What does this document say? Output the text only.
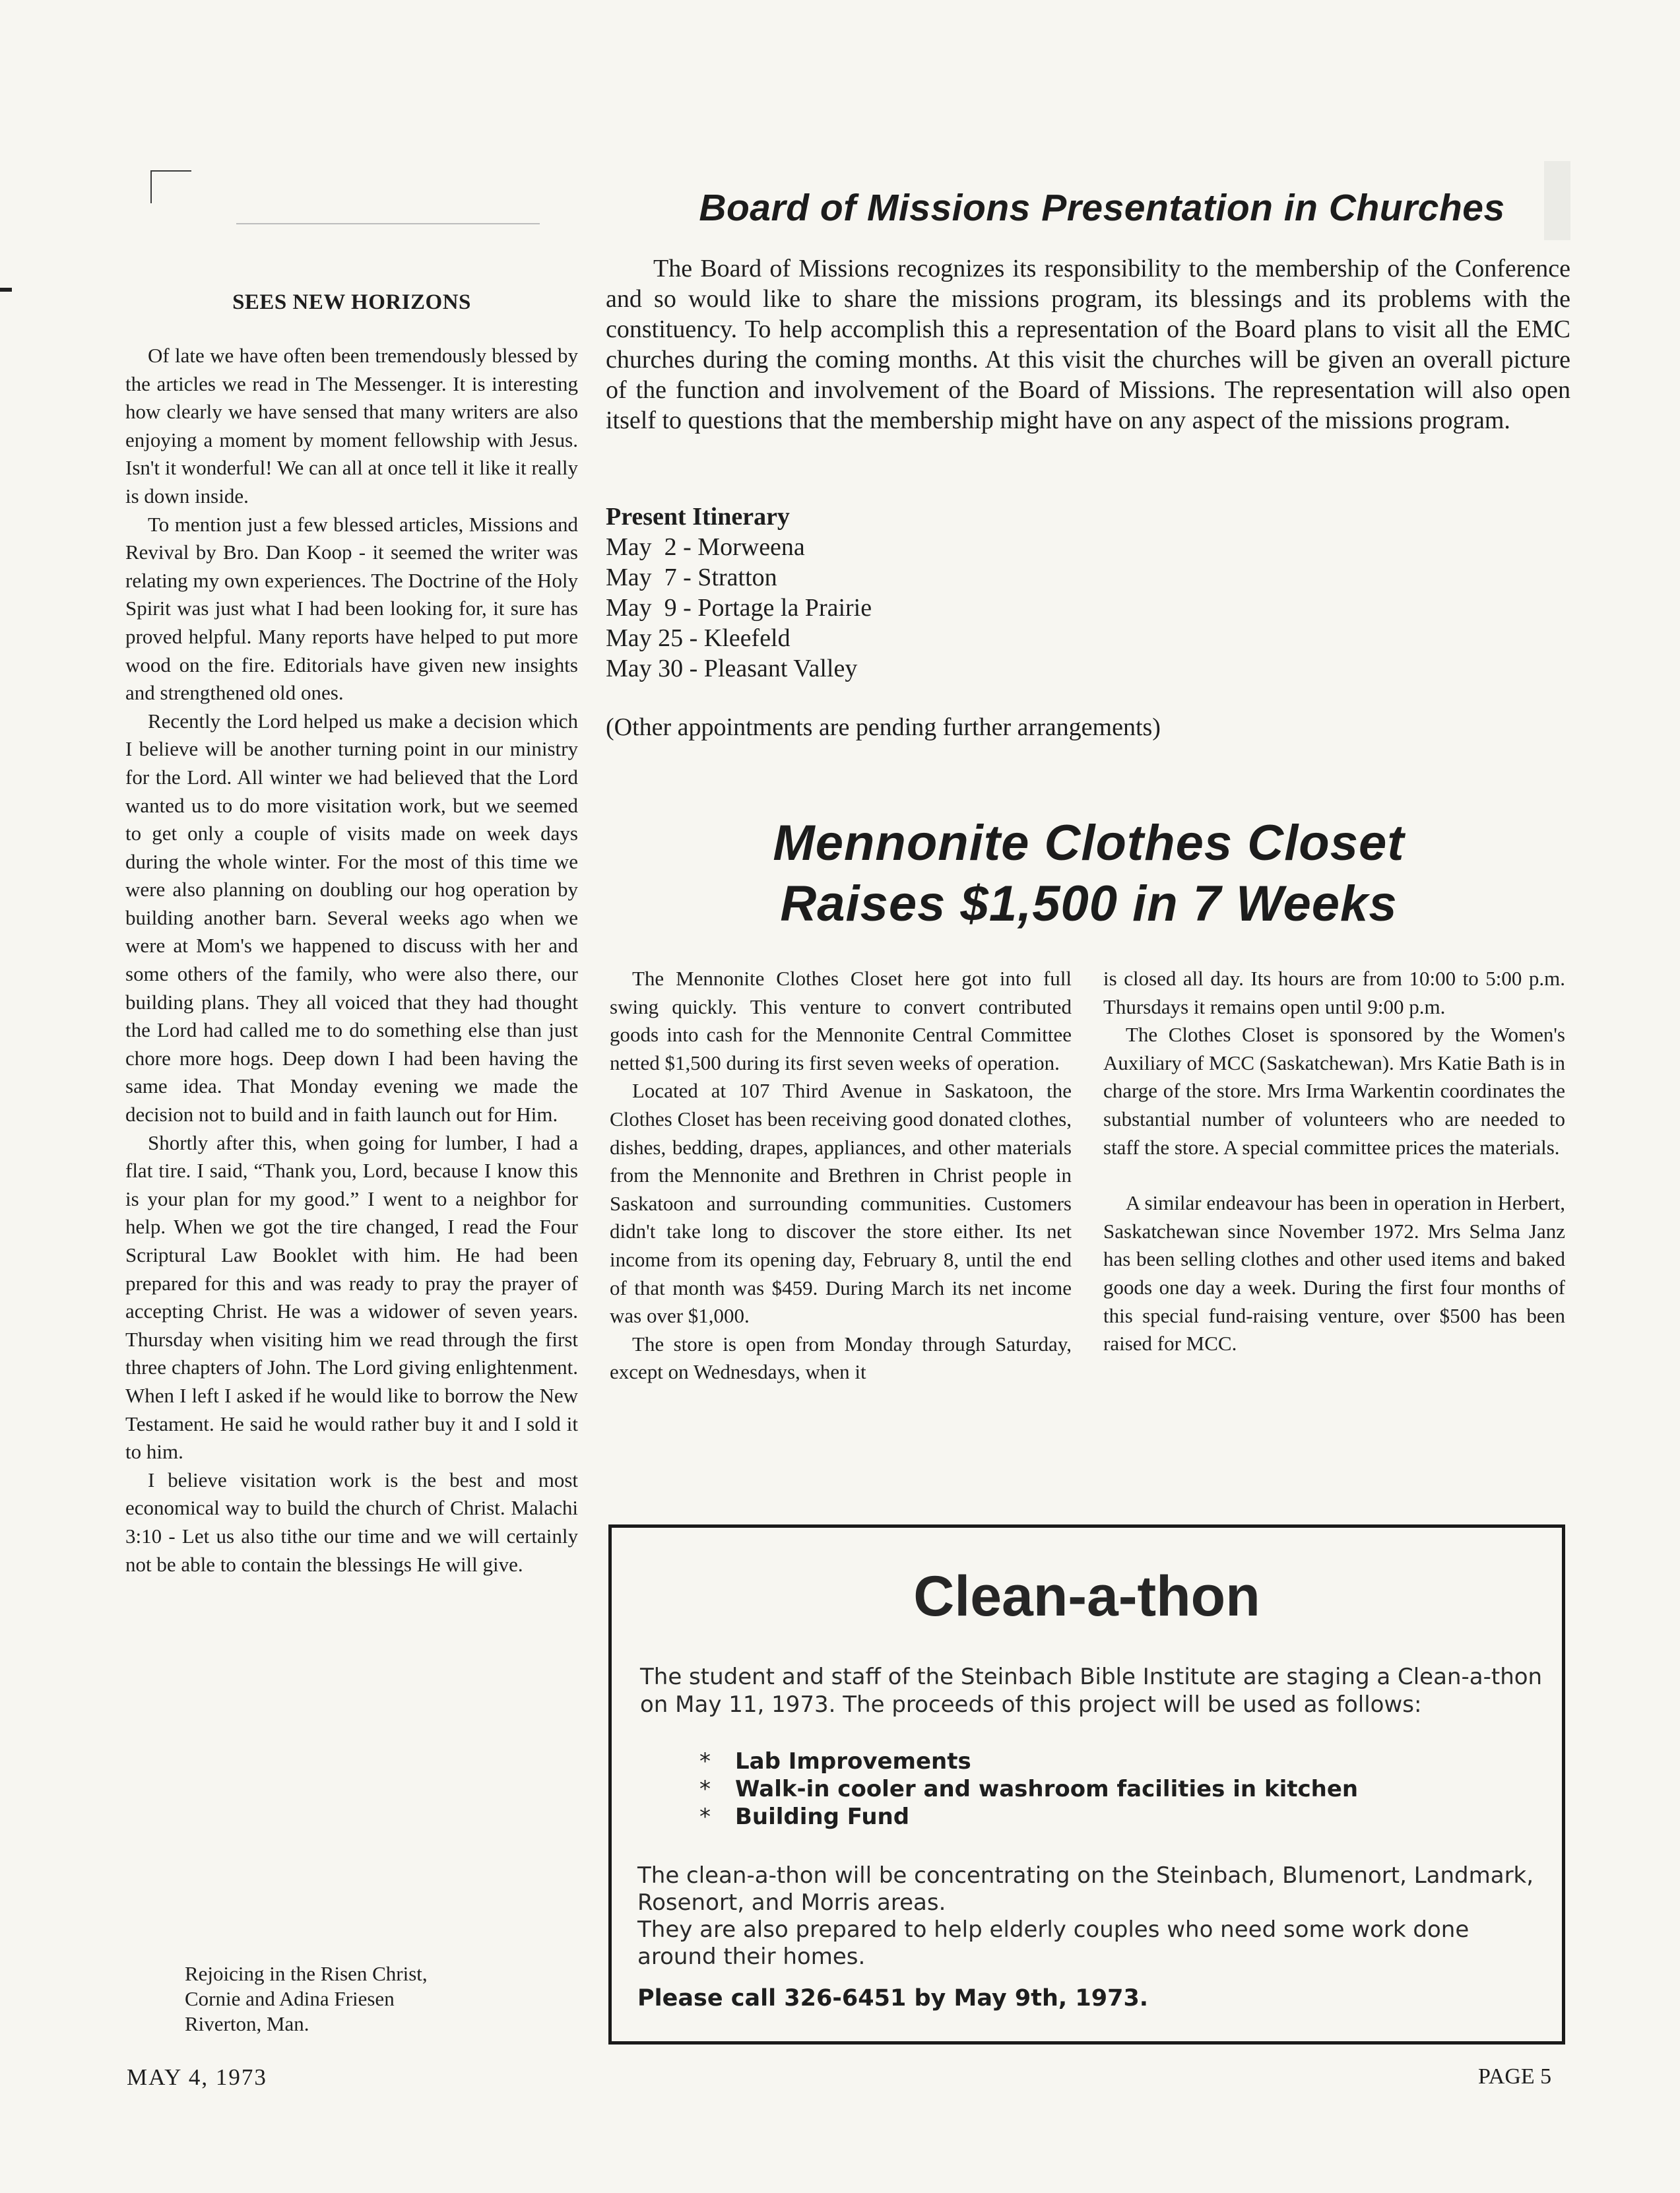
SEES NEW HORIZONS

Of late we have often been tremendously blessed by the articles we read in The Messenger. It is interesting how clearly we have sensed that many writers are also enjoying a moment by moment fellowship with Jesus. Isn't it wonderful! We can all at once tell it like it really is down inside.

To mention just a few blessed articles, Missions and Revival by Bro. Dan Koop - it seemed the writer was relating my own experiences. The Doctrine of the Holy Spirit was just what I had been looking for, it sure has proved helpful. Many reports have helped to put more wood on the fire. Editorials have given new insights and strengthened old ones.

Recently the Lord helped us make a decision which I believe will be another turning point in our ministry for the Lord. All winter we had believed that the Lord wanted us to do more visitation work, but we seemed to get only a couple of visits made on week days during the whole winter. For the most of this time we were also planning on doubling our hog operation by building another barn. Several weeks ago when we were at Mom's we happened to discuss with her and some others of the family, who were also there, our building plans. They all voiced that they had thought the Lord had called me to do something else than just chore more hogs. Deep down I had been having the same idea. That Monday evening we made the decision not to build and in faith launch out for Him.

Shortly after this, when going for lumber, I had a flat tire. I said, “Thank you, Lord, because I know this is your plan for my good.” I went to a neighbor for help. When we got the tire changed, I read the Four Scriptural Law Booklet with him. He had been prepared for this and was ready to pray the prayer of accepting Christ. He was a widower of seven years. Thursday when visiting him we read through the first three chapters of John. The Lord giving enlightenment. When I left I asked if he would like to borrow the New Testament. He said he would rather buy it and I sold it to him.

I believe visitation work is the best and most economical way to build the church of Christ. Malachi 3:10 - Let us also tithe our time and we will certainly not be able to contain the blessings He will give.

Rejoicing in the Risen Christ,
Cornie and Adina Friesen
Riverton, Man.
MAY 4, 1973	PAGE 5
Board of Missions Presentation in Churches

The Board of Missions recognizes its responsibility to the membership of the Conference and so would like to share the missions program, its blessings and its problems with the constituency. To help accomplish this a representation of the Board plans to visit all the EMC churches during the coming months. At this visit the churches will be given an overall picture of the function and involvement of the Board of Missions. The representation will also open itself to questions that the membership might have on any aspect of the missions program.

Present Itinerary
May  2 - Morweena
May  7 - Stratton
May  9 - Portage la Prairie
May 25 - Kleefeld
May 30 - Pleasant Valley
(Other appointments are pending further arrangements)
Mennonite Clothes Closet
Raises $1,500 in 7 Weeks

The Mennonite Clothes Closet here got into full swing quickly. This venture to convert contributed goods into cash for the Mennonite Central Committee netted $1,500 during its first seven weeks of operation.

Located at 107 Third Avenue in Saskatoon, the Clothes Closet has been receiving good donated clothes, dishes, bedding, drapes, appliances, and other materials from the Mennonite and Brethren in Christ people in Saskatoon and surrounding communities. Customers didn't take long to discover the store either. Its net income from its opening day, February 8, until the end of that month was $459. During March its net income was over $1,000.

The store is open from Monday through Saturday, except on Wednesdays, when it

is closed all day. Its hours are from 10:00 to 5:00 p.m. Thursdays it remains open until 9:00 p.m.

The Clothes Closet is sponsored by the Women's Auxiliary of MCC (Saskatchewan). Mrs Katie Bath is in charge of the store. Mrs Irma Warkentin coordinates the substantial number of volunteers who are needed to staff the store. A special committee prices the materials.

A similar endeavour has been in operation in Herbert, Saskatchewan since November 1972. Mrs Selma Janz has been selling clothes and other used items and baked goods one day a week. During the first four months of this special fund-raising venture, over $500 has been raised for MCC.

Clean-a-thon
The student and staff of the Steinbach Bible Institute are staging a Clean-a-thon on May 11, 1973. The proceeds of this project will be used as follows:
* Lab Improvements
* Walk-in cooler and washroom facilities in kitchen
* Building Fund
The clean-a-thon will be concentrating on the Steinbach, Blumenort, Landmark, Rosenort, and Morris areas.
They are also prepared to help elderly couples who need some work done around their homes.
Please call 326-6451 by May 9th, 1973.
